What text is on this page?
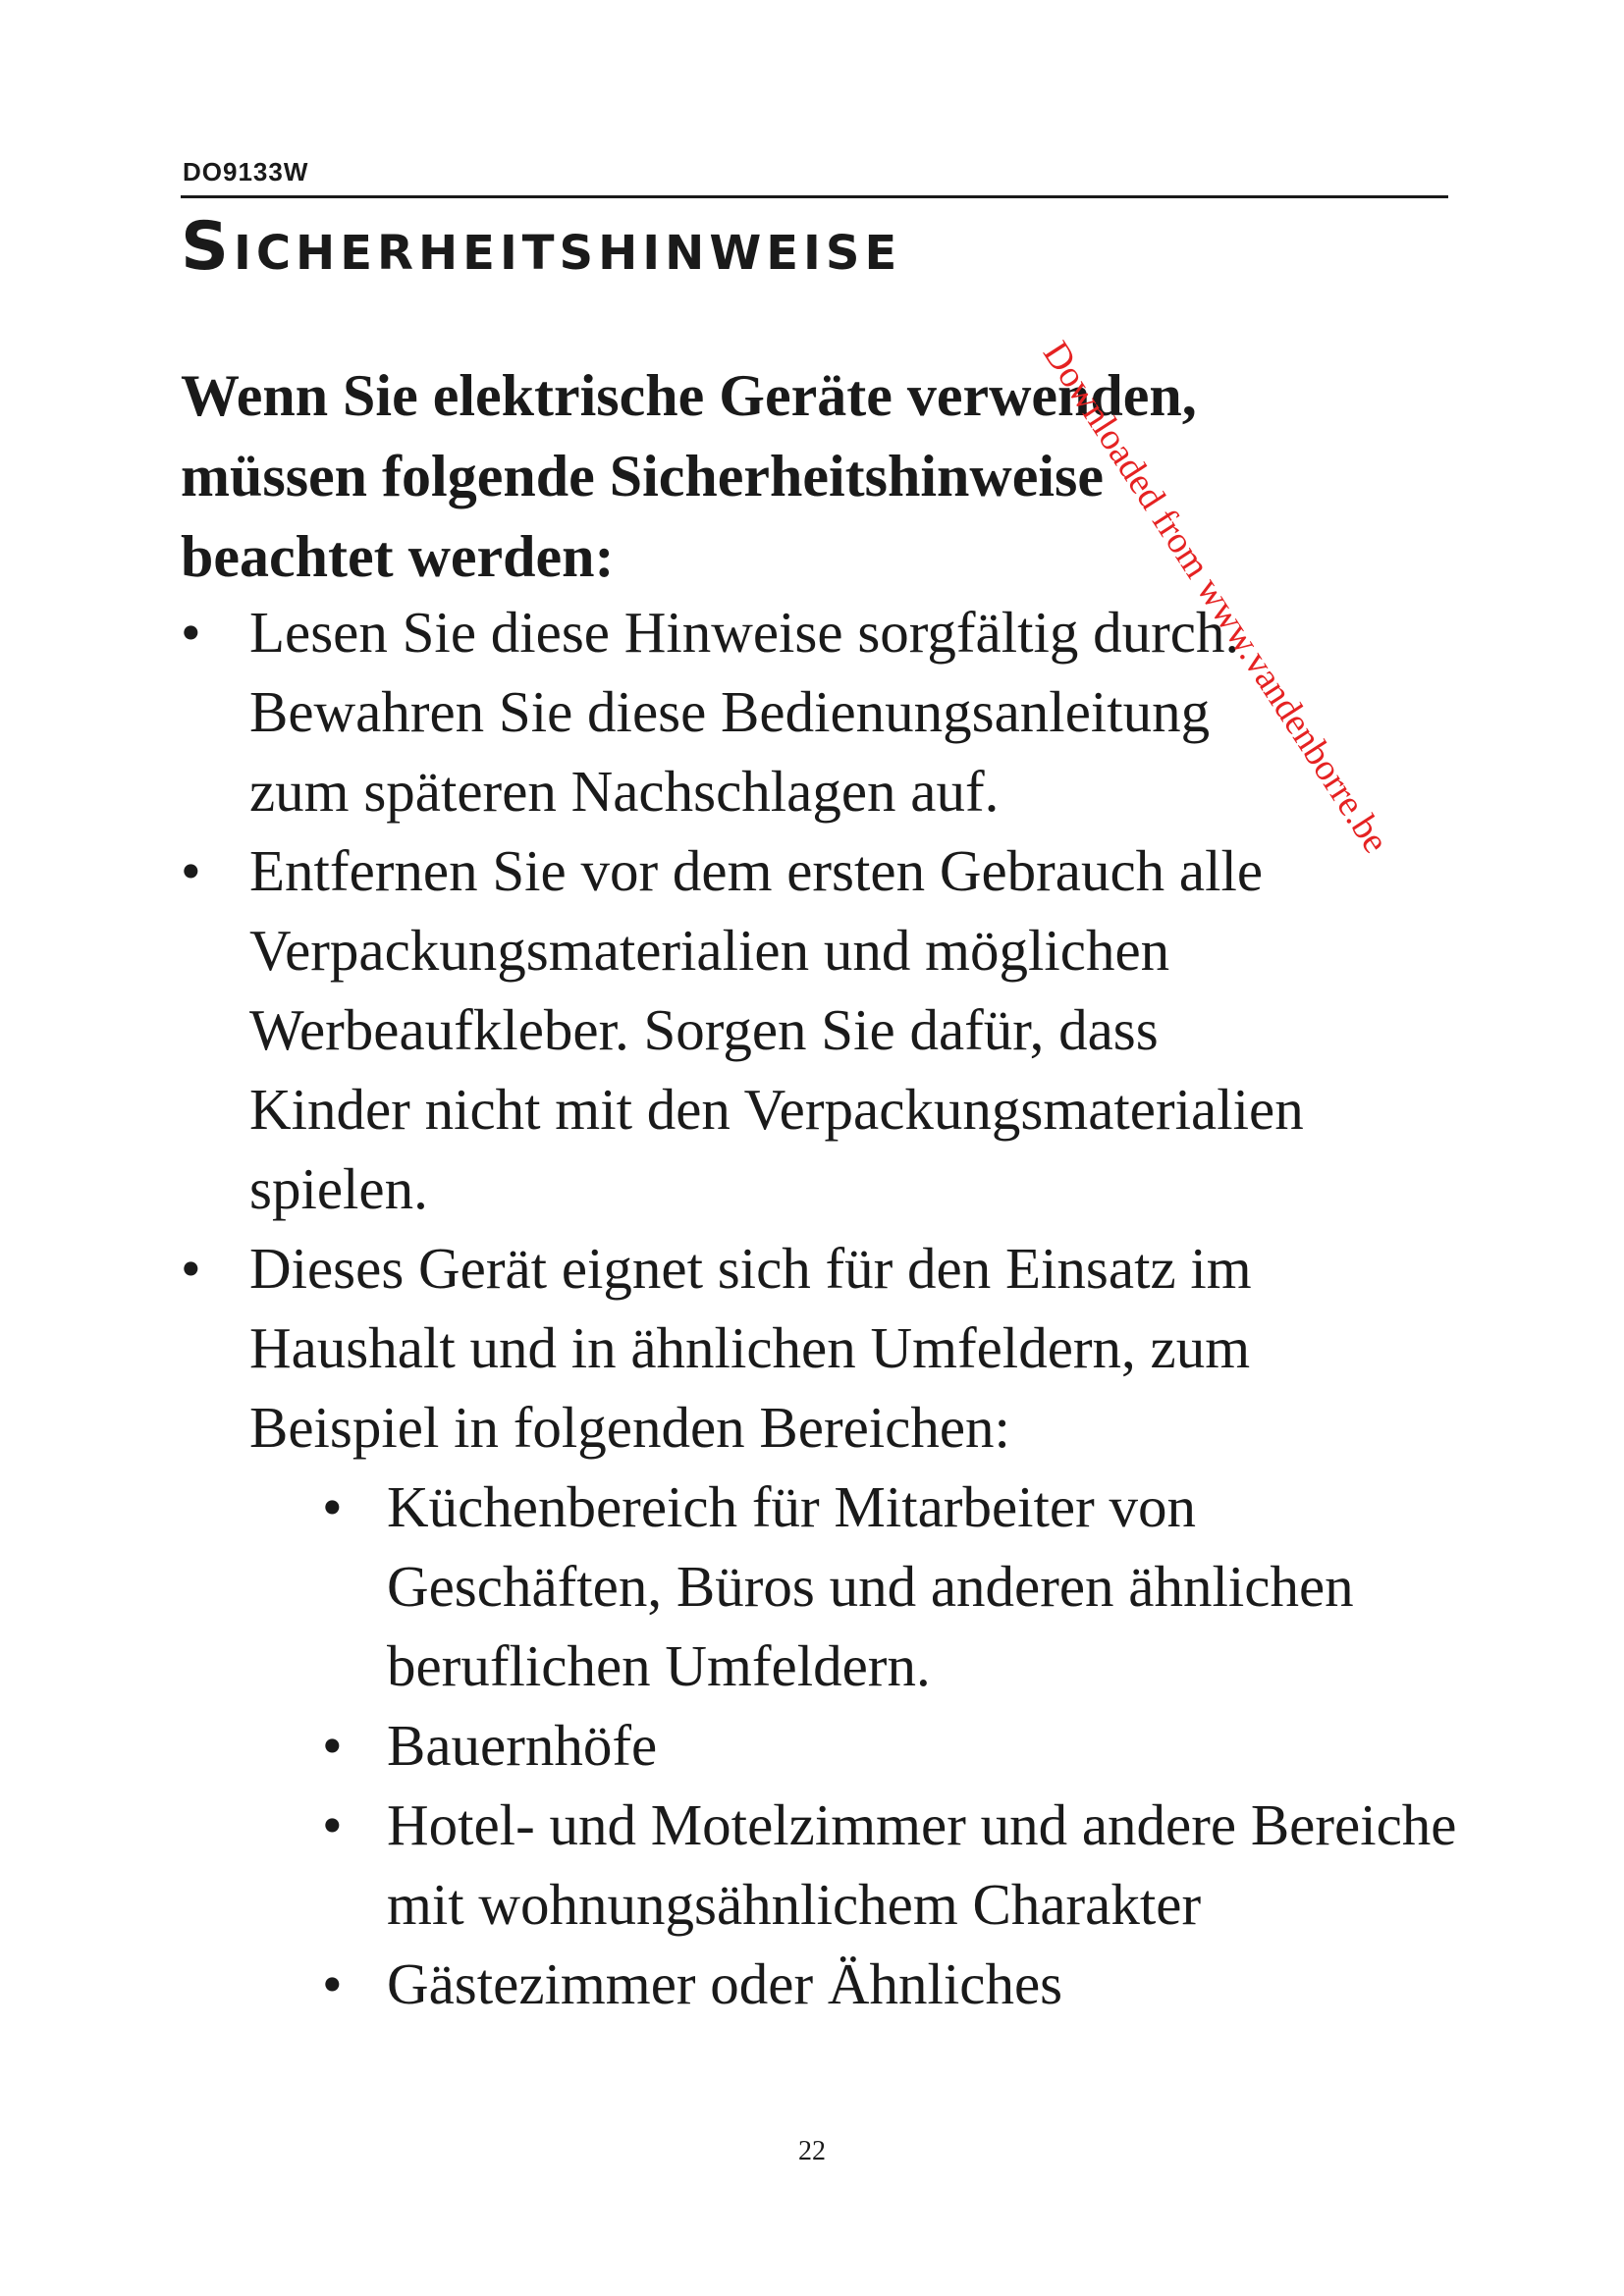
DO9133W
Sicherheitshinweise
Wenn Sie elektrische Geräte verwenden,
müssen folgende Sicherheitshinweise
beachtet werden:
• Lesen Sie diese Hinweise sorgfältig durch.
Bewahren Sie diese Bedienungsanleitung
zum späteren Nachschlagen auf.
• Entfernen Sie vor dem ersten Gebrauch alle
Verpackungsmaterialien und möglichen
Werbeaufkleber. Sorgen Sie dafür, dass
Kinder nicht mit den Verpackungsmaterialien
spielen.
• Dieses Gerät eignet sich für den Einsatz im
Haushalt und in ähnlichen Umfeldern, zum
Beispiel in folgenden Bereichen:
• Küchenbereich für Mitarbeiter von Geschäften, Büros und anderen ähnlichen beruflichen Umfeldern.
• Bauernhöfe
• Hotel- und Motelzimmer und andere Bereiche mit wohnungsähnlichem Charakter
• Gästezimmer oder Ähnliches
22
Downloaded from www.vandenborre.be
